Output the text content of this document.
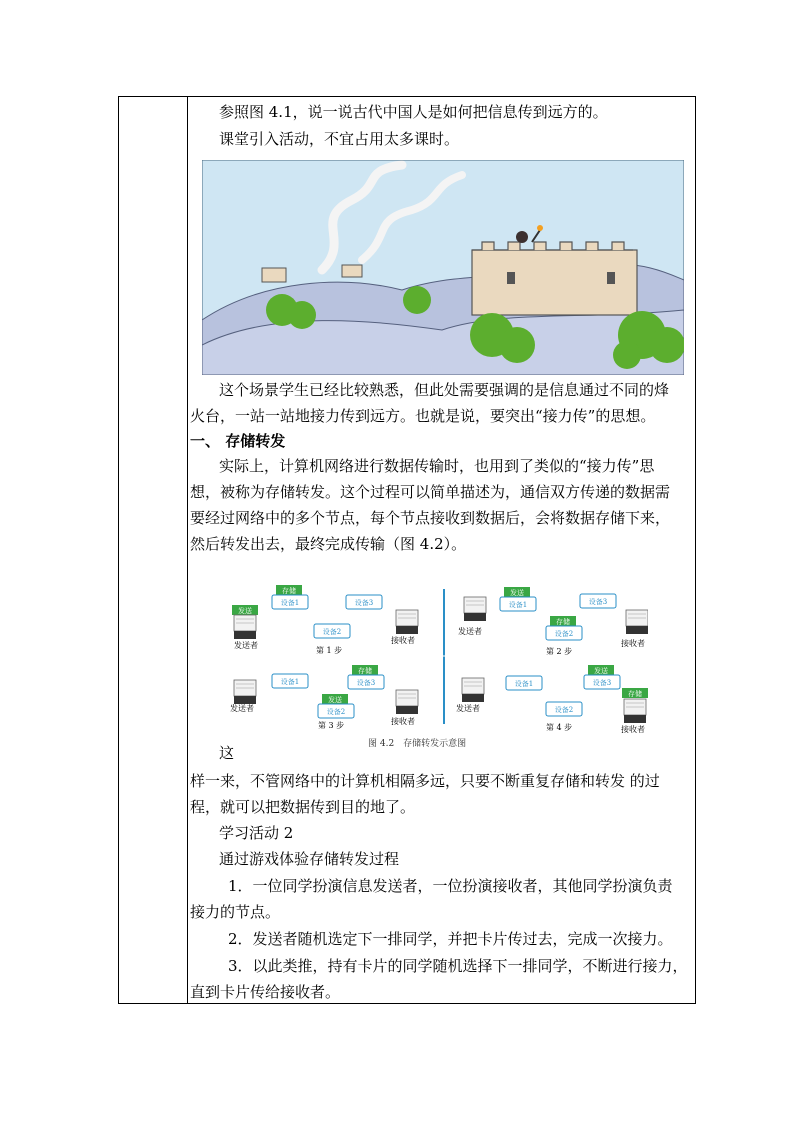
参照图 4.1，说一说古代中国人是如何把信息传到远方的。
课堂引入活动，不宜占用太多课时。
这个场景学生已经比较熟悉，但此处需要强调的是信息通过不同的烽
火台，一站一站地接力传到远方。也就是说，要突出“接力传”的思想。
一、 存储转发
实际上，计算机网络进行数据传输时，也用到了类似的“接力传”思
想，被称为存储转发。这个过程可以简单描述为，通信双方传递的数据需
要经过网络中的多个节点，每个节点接收到数据后，会将数据存储下来，
然后转发出去，最终完成传输（图 4.2）。
发送
发送者
存储
设备1	设备3
设备2
接收者
第 1 步
发送者
发送
设备1	设备3
存储
设备2
接收者
第 2 步
发送者
设备1
存储
设备3
发送
设备2
接收者
第 3 步
发送者
设备1
发送
设备3
设备2
存储
接收者
第 4 步
图 4.2　存储转发示意图
这
样一来，不管网络中的计算机相隔多远，只要不断重复存储和转发 的过
程，就可以把数据传到目的地了。
学习活动 2
通过游戏体验存储转发过程
1．一位同学扮演信息发送者，一位扮演接收者，其他同学扮演负责
接力的节点。
2．发送者随机选定下一排同学，并把卡片传过去，完成一次接力。
3．以此类推，持有卡片的同学随机选择下一排同学，不断进行接力，
直到卡片传给接收者。
